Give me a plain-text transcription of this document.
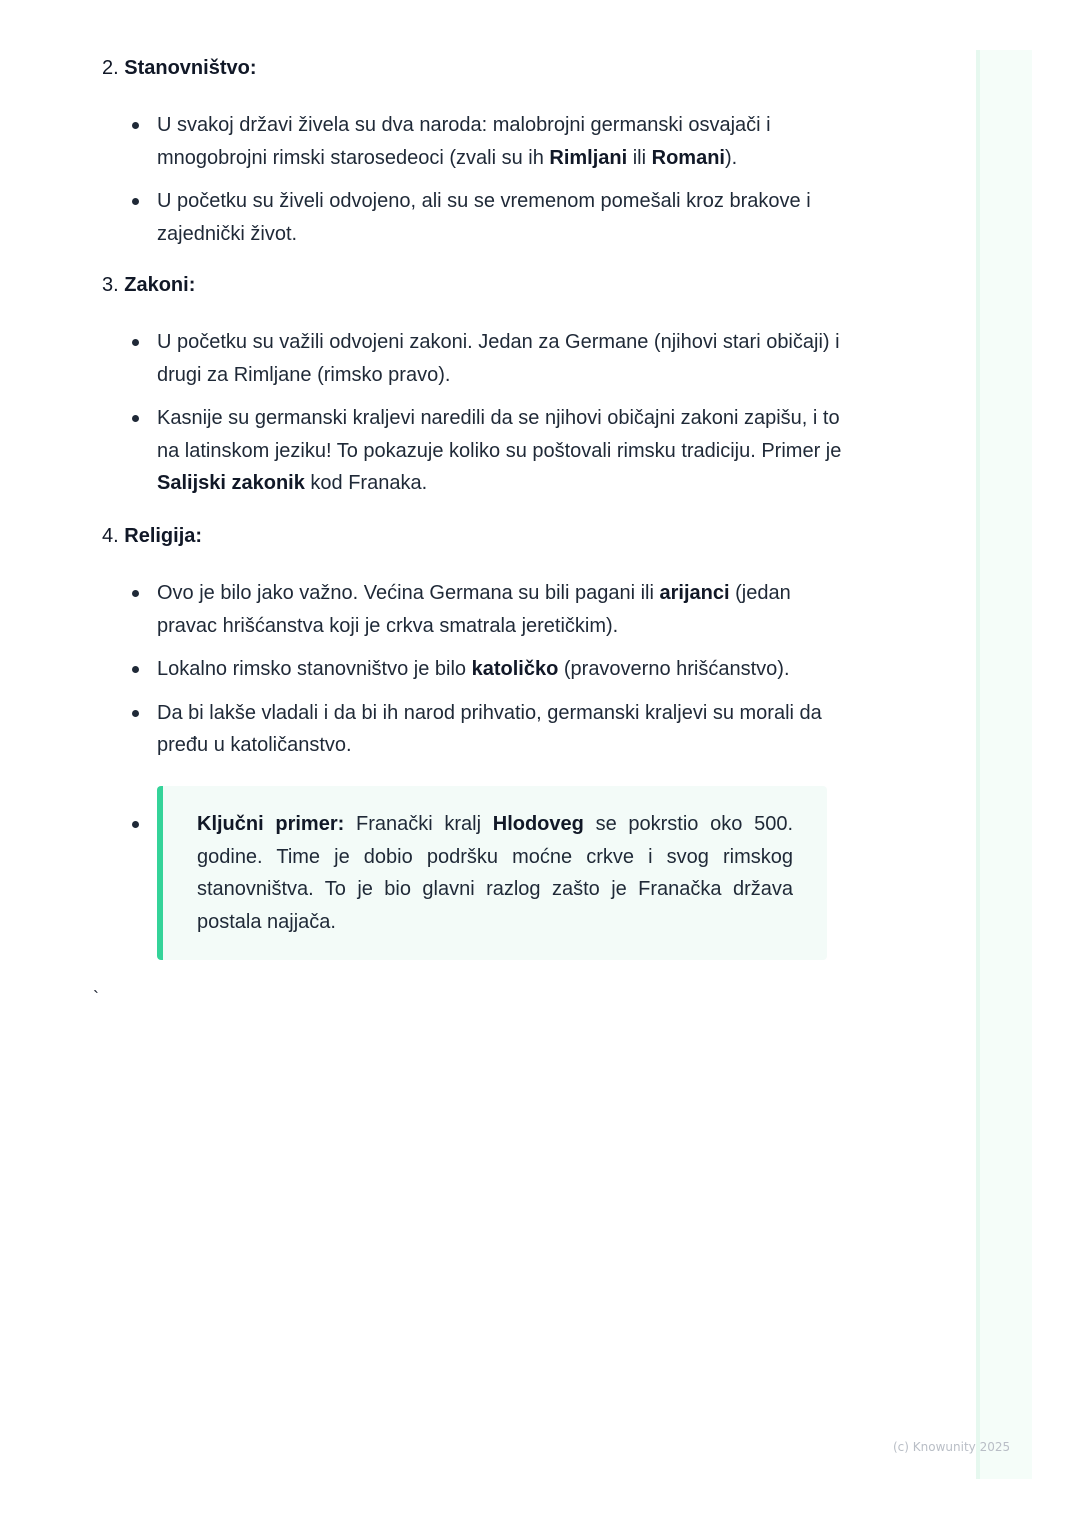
2. Stanovništvo:

U svakoj državi živela su dva naroda: malobrojni germanski osvajači i mnogobrojni rimski starosedeoci (zvali su ih Rimljani ili Romani).
U početku su živeli odvojeno, ali su se vremenom pomešali kroz brakove i zajednički život.

3. Zakoni:

U početku su važili odvojeni zakoni. Jedan za Germane (njihovi stari običaji) i drugi za Rimljane (rimsko pravo).
Kasnije su germanski kraljevi naredili da se njihovi običajni zakoni zapišu, i to na latinskom jeziku! To pokazuje koliko su poštovali rimsku tradiciju. Primer je Salijski zakonik kod Franaka.

4. Religija:

Ovo je bilo jako važno. Većina Germana su bili pagani ili arijanci (jedan pravac hrišćanstva koji je crkva smatrala jeretičkim).
Lokalno rimsko stanovništvo je bilo katoličko (pravoverno hrišćanstvo).
Da bi lakše vladali i da bi ih narod prihvatio, germanski kraljevi su morali da pređu u katoličanstvo.

Ključni primer: Franački kralj Hlodoveg se pokrstio oko 500. godine. Time je dobio podršku moćne crkve i svog rimskog stanovništva. To je bio glavni razlog zašto je Franačka država postala najjača.

`
(c) Knowunity 2025
